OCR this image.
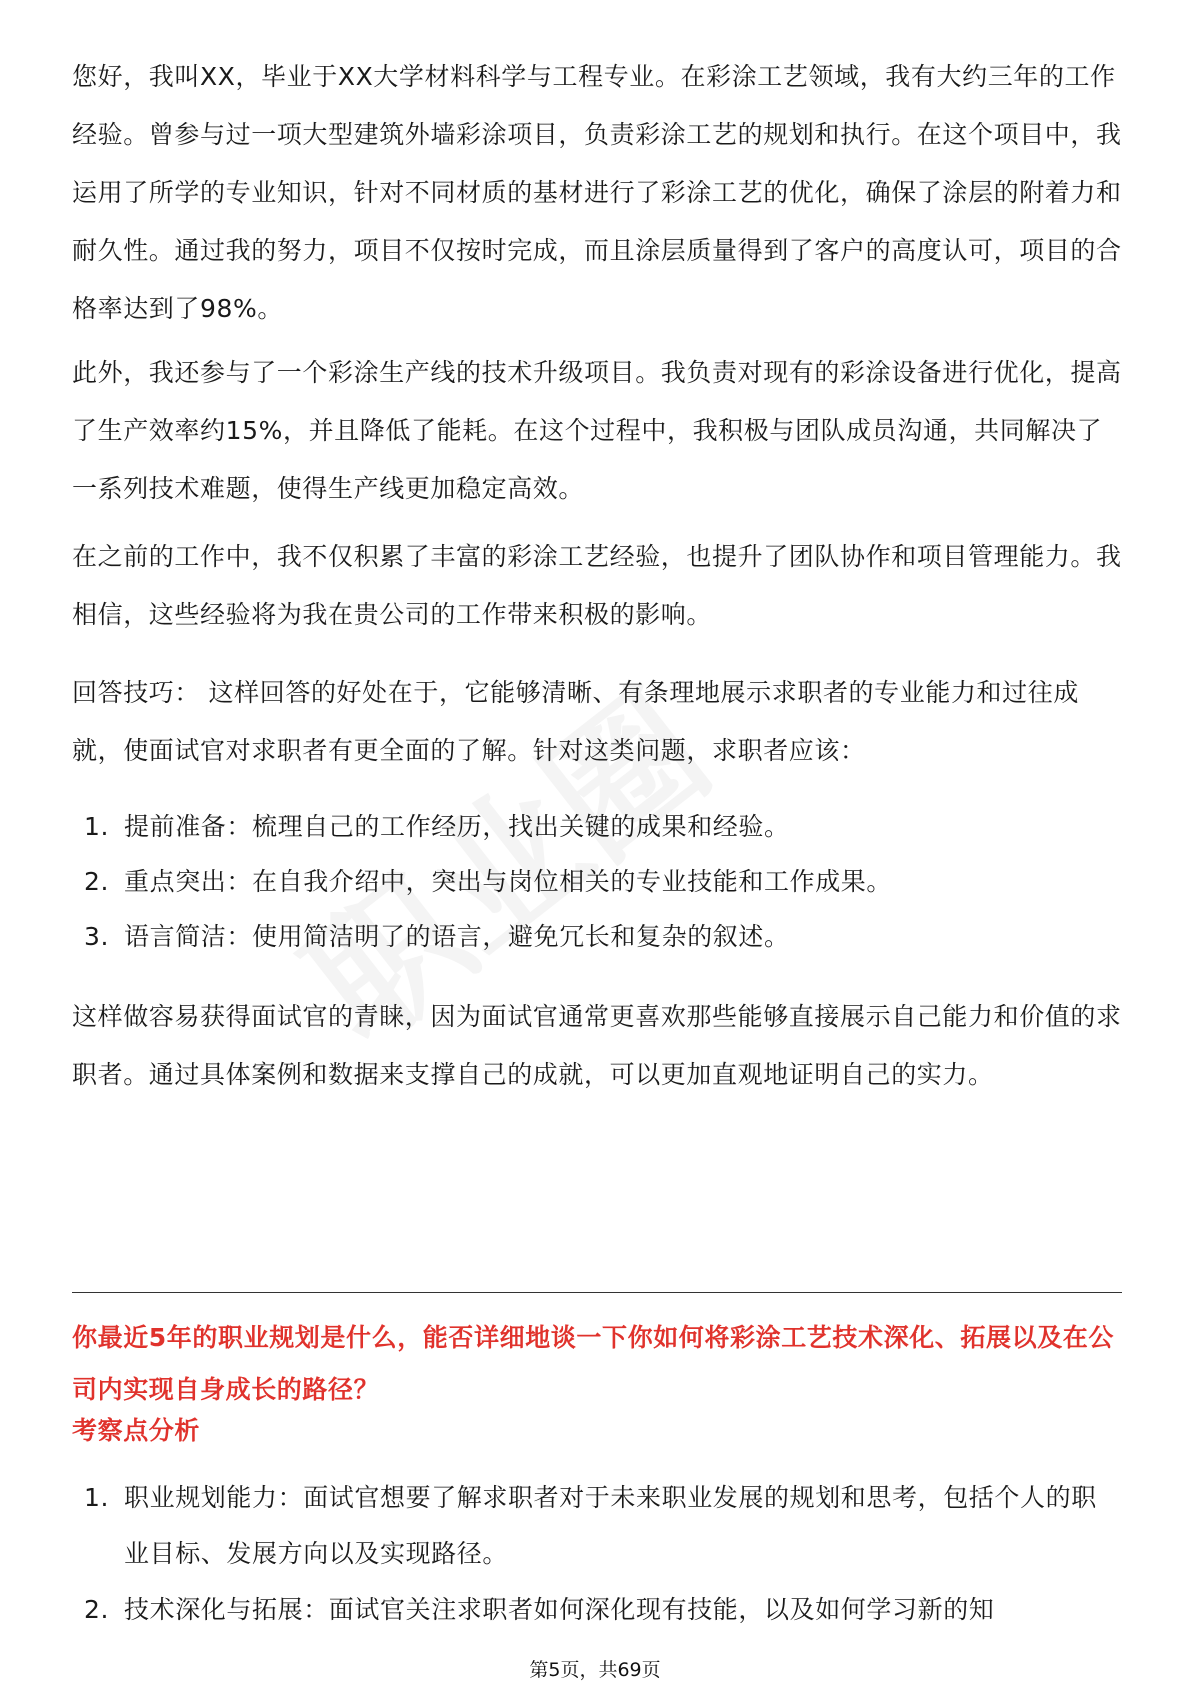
您好，我叫XX，毕业于XX大学材料科学与工程专业。在彩涂工艺领域，我有大约三年的工作经验。曾参与过一项大型建筑外墙彩涂项目，负责彩涂工艺的规划和执行。在这个项目中，我运用了所学的专业知识，针对不同材质的基材进行了彩涂工艺的优化，确保了涂层的附着力和耐久性。通过我的努力，项目不仅按时完成，而且涂层质量得到了客户的高度认可，项目的合格率达到了98%。

此外，我还参与了一个彩涂生产线的技术升级项目。我负责对现有的彩涂设备进行优化，提高了生产效率约15%，并且降低了能耗。在这个过程中，我积极与团队成员沟通，共同解决了一系列技术难题，使得生产线更加稳定高效。

在之前的工作中，我不仅积累了丰富的彩涂工艺经验，也提升了团队协作和项目管理能力。我相信，这些经验将为我在贵公司的工作带来积极的影响。

回答技巧： 这样回答的好处在于，它能够清晰、有条理地展示求职者的专业能力和过往成就，使面试官对求职者有更全面的了解。针对这类问题，求职者应该：

1. 提前准备：梳理自己的工作经历，找出关键的成果和经验。
2. 重点突出：在自我介绍中，突出与岗位相关的专业技能和工作成果。
3. 语言简洁：使用简洁明了的语言，避免冗长和复杂的叙述。

这样做容易获得面试官的青睐，因为面试官通常更喜欢那些能够直接展示自己能力和价值的求职者。通过具体案例和数据来支撑自己的成就，可以更加直观地证明自己的实力。

你最近5年的职业规划是什么，能否详细地谈一下你如何将彩涂工艺技术深化、拓展以及在公司内实现自身成长的路径？

考察点分析

1. 职业规划能力：面试官想要了解求职者对于未来职业发展的规划和思考，包括个人的职业目标、发展方向以及实现路径。
2. 技术深化与拓展：面试官关注求职者如何深化现有技能，以及如何学习新的知
第5页，共69页
